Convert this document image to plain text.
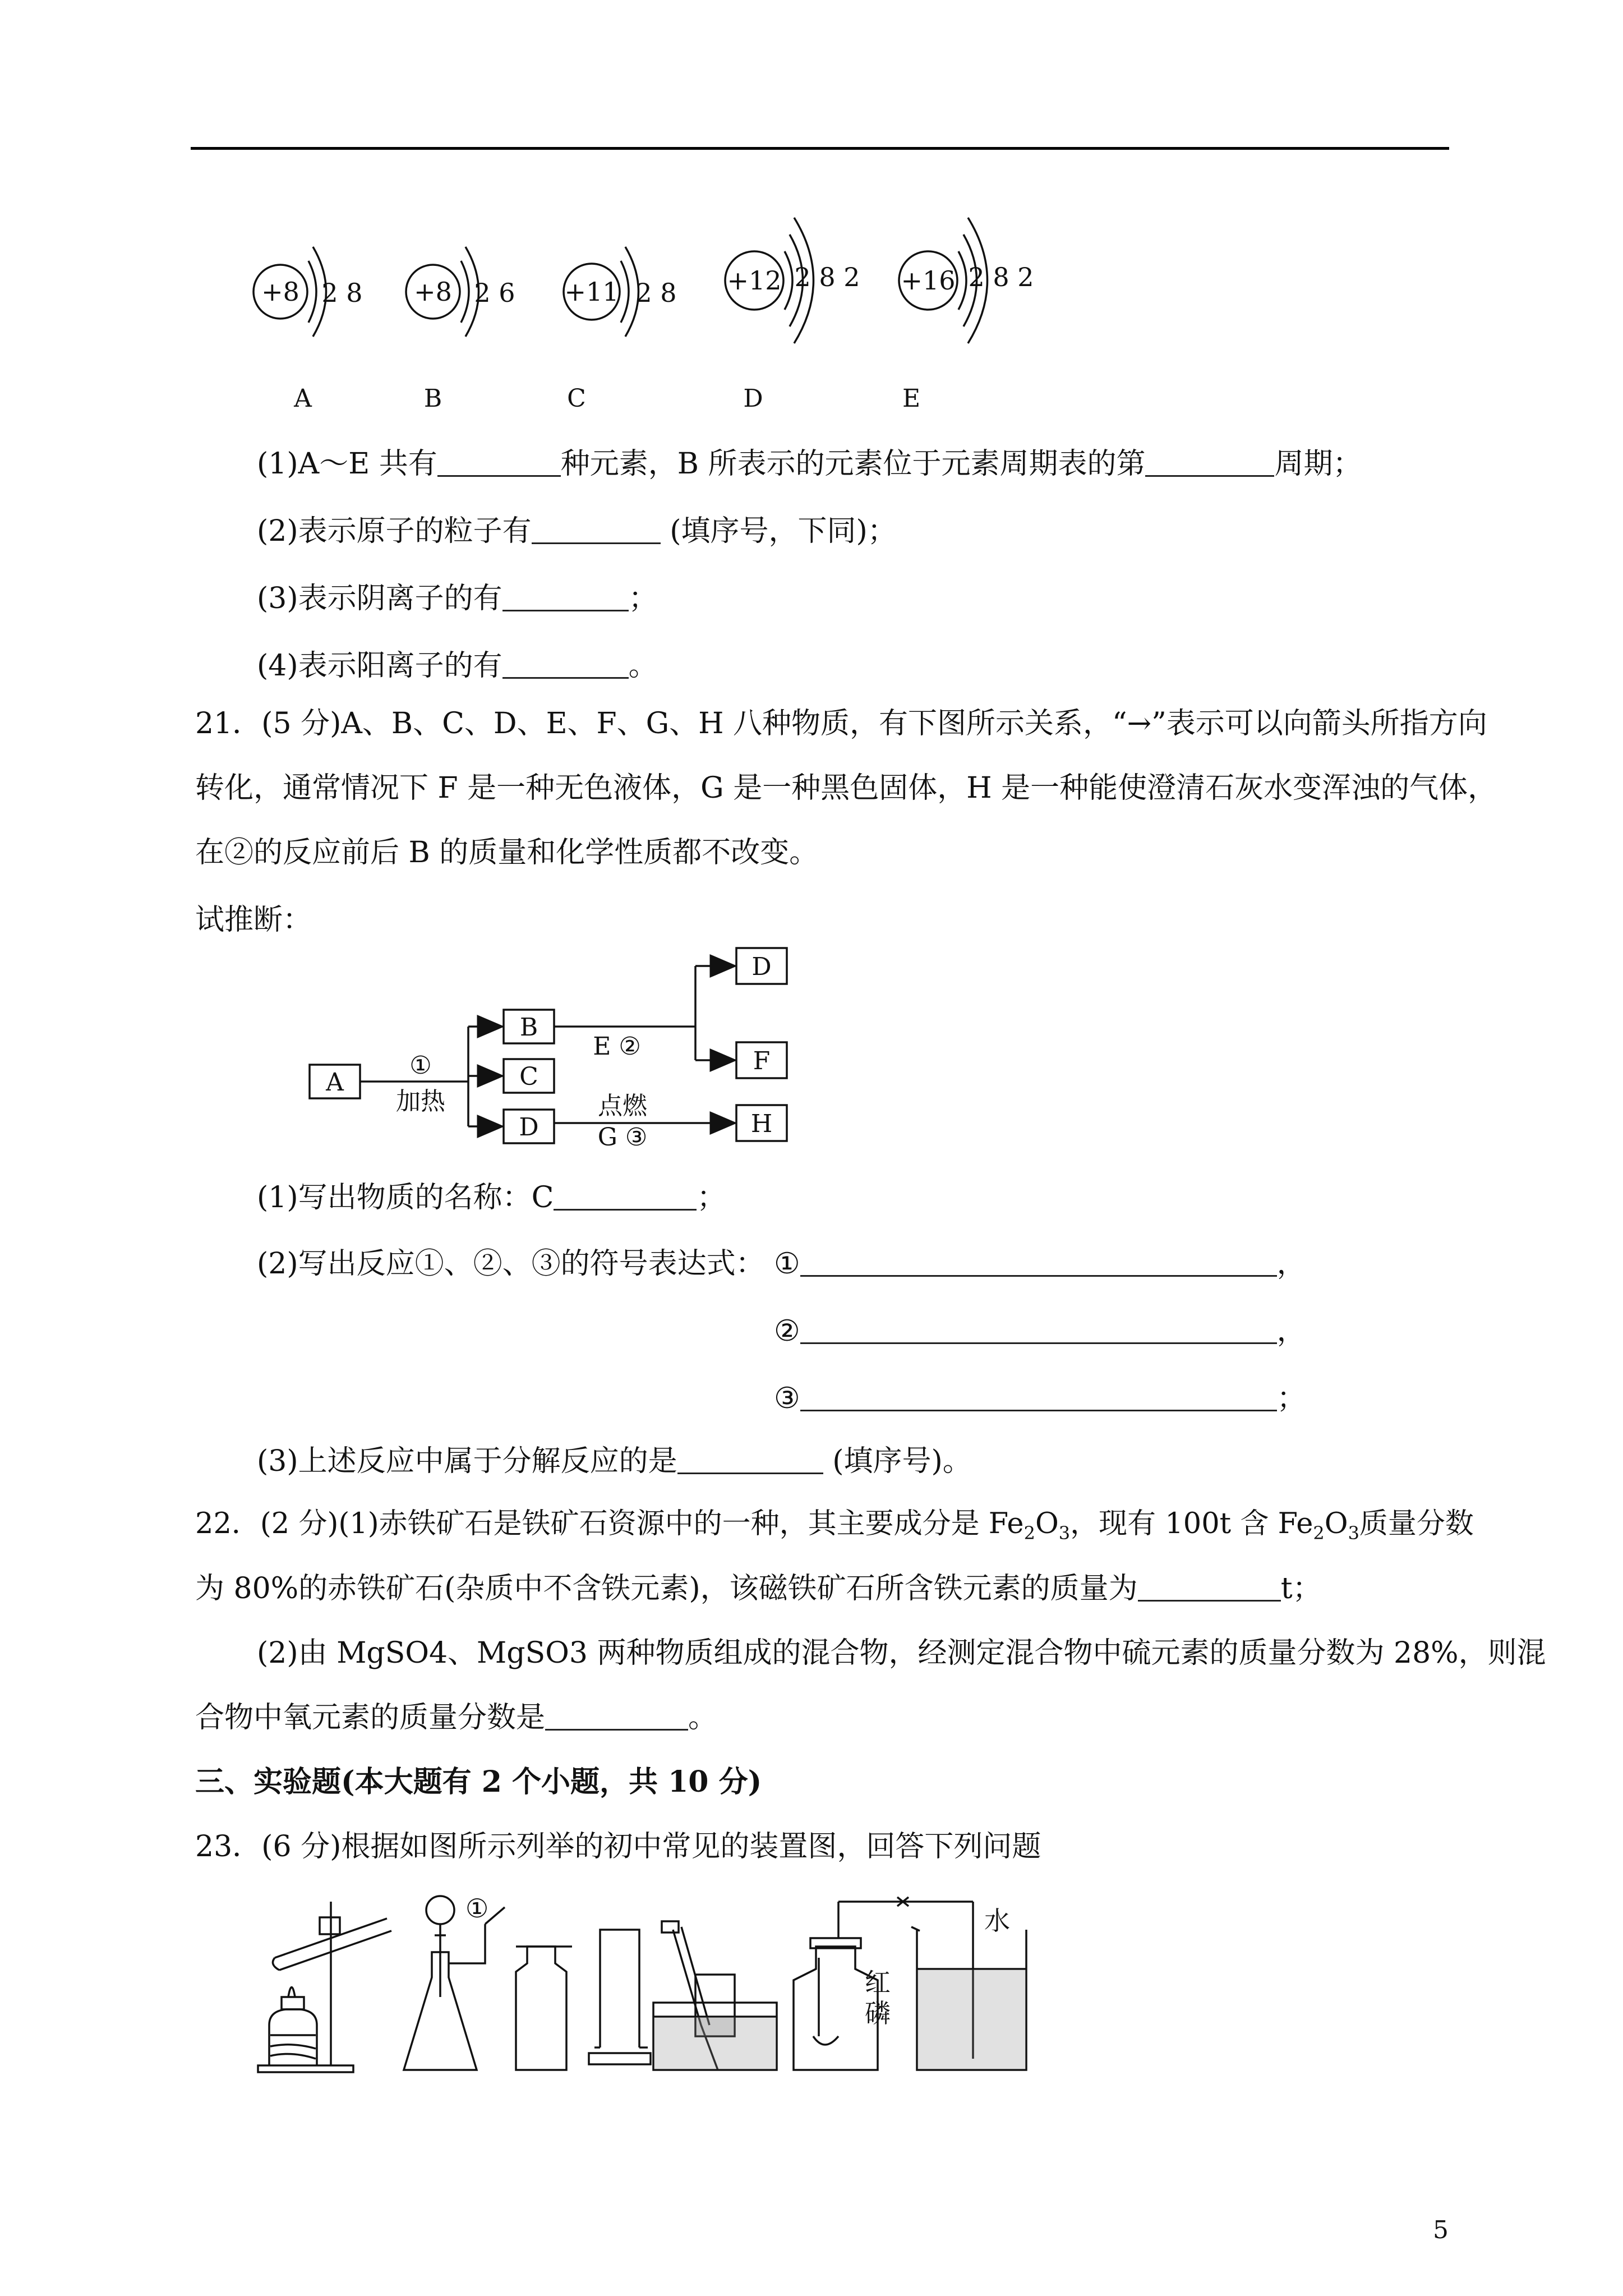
+8 2 8 +8 2 6 +11 2 8 +12 2 8 2 +16 2 8 2
A	B	C	D	E
(1)A～E 共有	种元素，B 所表示的元素位于元素周期表的第	周期；
(2)表示原子的粒子有	(填序号，下同)；
(3)表示阴离子的有	；
(4)表示阳离子的有	。
21．(5 分)A、B、C、D、E、F、G、H 八种物质，有下图所示关系，“→”表示可以向箭头所指方向
转化，通常情况下 F 是一种无色液体，G 是一种黑色固体，H 是一种能使澄清石灰水变浑浊的气体，
在②的反应前后 B 的质量和化学性质都不改变。
试推断：
A
B
C
D
D
F
H
①
加热
E ②
点燃
G ③
(1)写出物质的名称：C	；
(2)写出反应①、②、③的符号表达式： ①	，
②	，
③	；
(3)上述反应中属于分解反应的是	(填序号)。
22．(2 分)(1)赤铁矿石是铁矿石资源中的一种，其主要成分是 $Fe_2O_3$，现有 100t 含 $Fe_2O_3$质量分数
为 80%的赤铁矿石(杂质中不含铁元素)，该磁铁矿石所含铁元素的质量为	t；
(2)由 MgSO4、MgSO3 两种物质组成的混合物，经测定混合物中硫元素的质量分数为 28%，则混
合物中氧元素的质量分数是	。
三、实验题(本大题有 2 个小题，共 10 分)
23．(6 分)根据如图所示列举的初中常见的装置图，回答下列问题
①	水
红
磷
5
